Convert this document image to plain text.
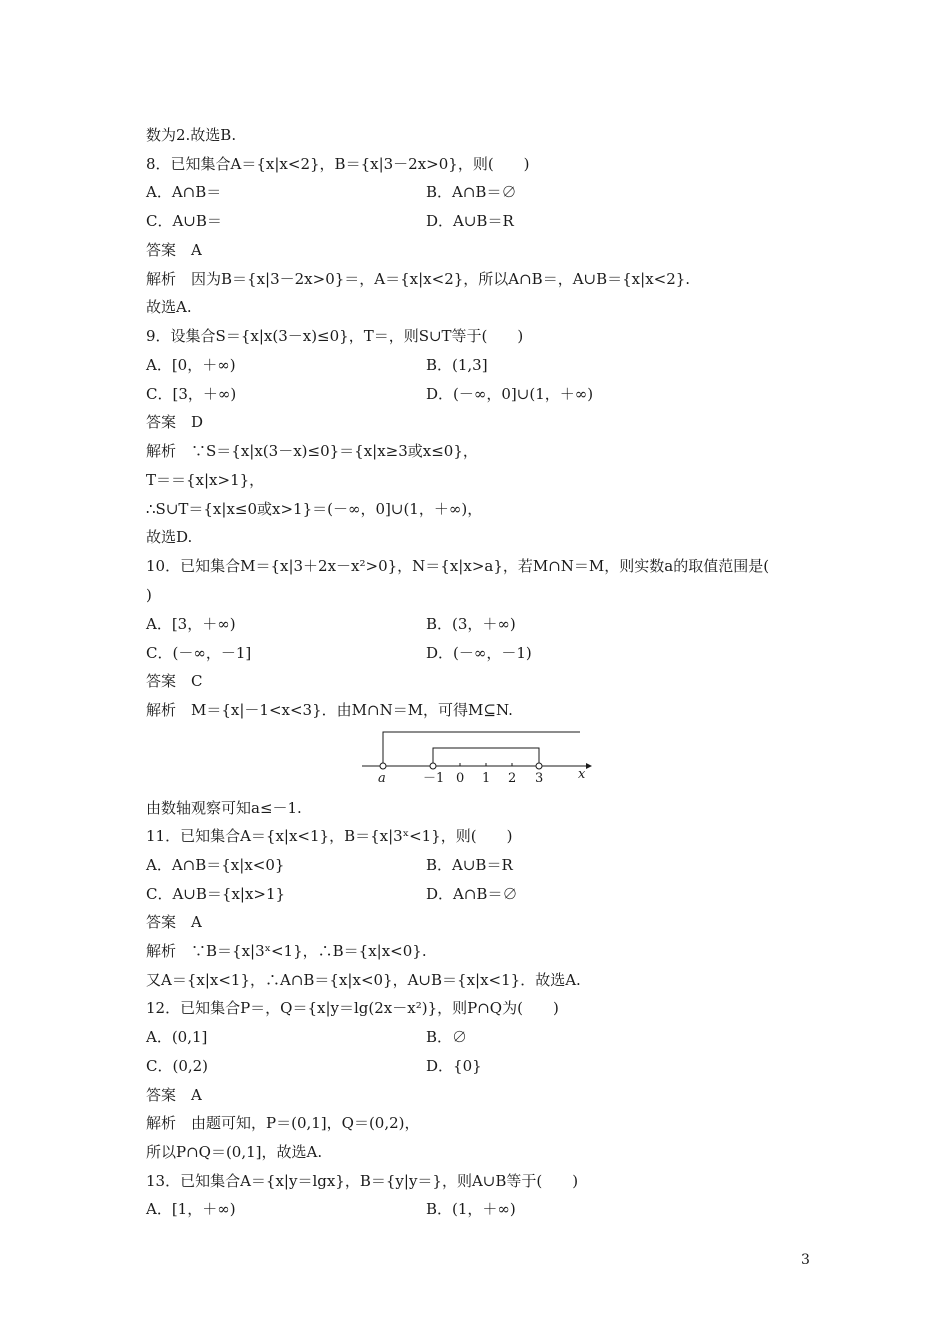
数为2.故选B.
8．已知集合A＝{x|x<2}，B＝{x|3－2x>0}，则(　　)
A．A∩B＝	B．A∩B＝∅
C．A∪B＝	D．A∪B＝R
答案　A
解析　因为B＝{x|3－2x>0}＝，A＝{x|x<2}，所以A∩B＝，A∪B＝{x|x<2}.
故选A.
9．设集合S＝{x|x(3－x)≤0}，T＝，则S∪T等于(　　)
A．[0，＋∞)	B．(1,3]
C．[3，＋∞)	D．(－∞，0]∪(1，＋∞)
答案　D
解析　∵S＝{x|x(3－x)≤0}＝{x|x≥3或x≤0}，
T＝＝{x|x>1}，
∴S∪T＝{x|x≤0或x>1}＝(－∞，0]∪(1，＋∞)，
故选D.
10．已知集合M＝{x|3＋2x－x²>0}，N＝{x|x>a}，若M∩N＝M，则实数a的取值范围是(
)
A．[3，＋∞)	B．(3，＋∞)
C．(－∞，－1]	D．(－∞，－1)
答案　C
解析　M＝{x|－1<x<3}．由M∩N＝M，可得M⊆N.
a	－1 0 1 2 3	x
由数轴观察可知a≤－1.
11．已知集合A＝{x|x<1}，B＝{x|3ˣ<1}，则(　　)
A．A∩B＝{x|x<0}	B．A∪B＝R
C．A∪B＝{x|x>1}	D．A∩B＝∅
答案　A
解析　∵B＝{x|3ˣ<1}，∴B＝{x|x<0}.
又A＝{x|x<1}，∴A∩B＝{x|x<0}，A∪B＝{x|x<1}．故选A.
12．已知集合P＝，Q＝{x|y＝lg(2x－x²)}，则P∩Q为(　　)
A．(0,1]	B．∅
C．(0,2)	D．{0}
答案　A
解析　由题可知，P＝(0,1]，Q＝(0,2)，
所以P∩Q＝(0,1]，故选A.
13．已知集合A＝{x|y＝lgx}，B＝{y|y＝}，则A∪B等于(　　)
A．[1，＋∞)	B．(1，＋∞)
3
